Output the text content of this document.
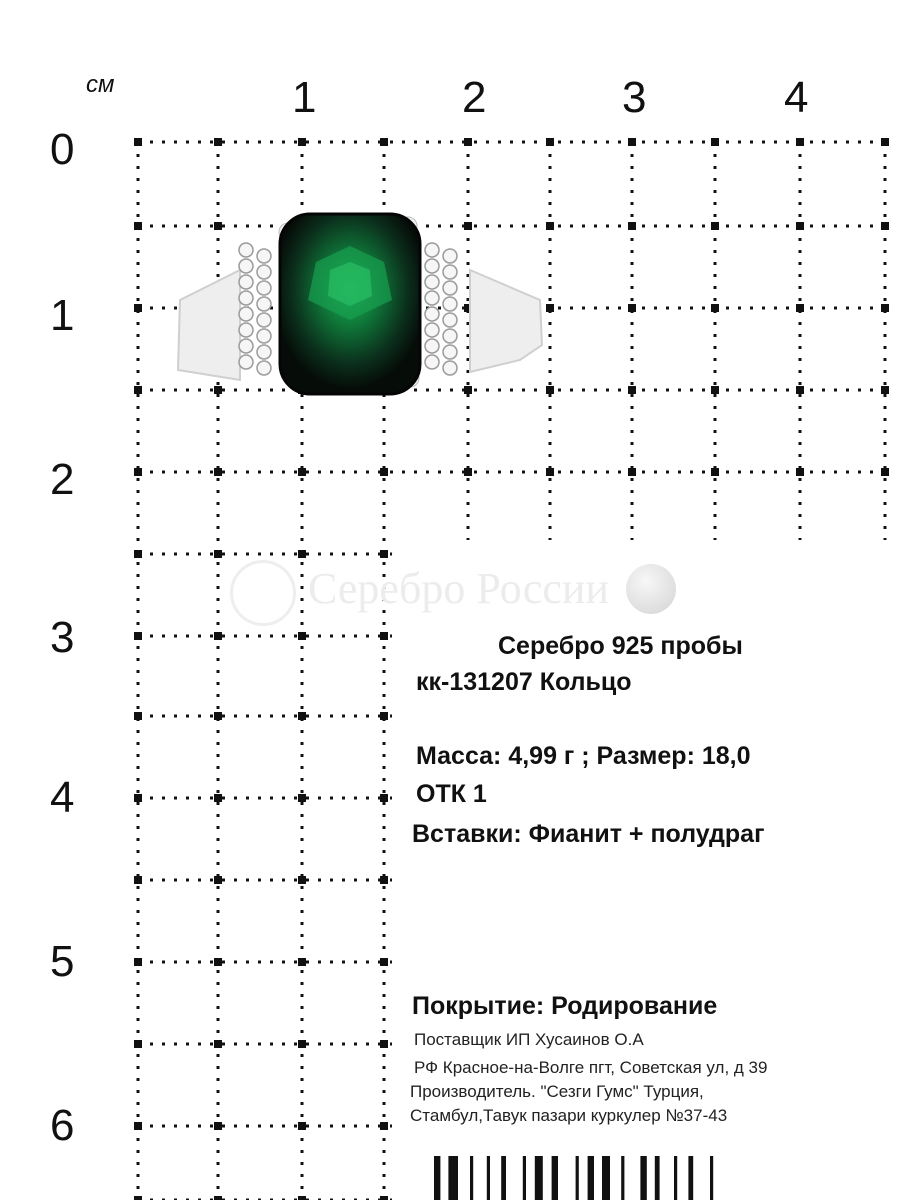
см	1	2	3	4
0
1
2
3
4
5
6
Серебро России
Серебро 925 пробы
кк-131207 Кольцо
Масса: 4,99 г ; Размер: 18,0
ОТК 1
Вставки: Фианит + полудраг
Покрытие: Родирование
Поставщик ИП Хусаинов О.А
РФ Красное-на-Волге пгт, Советская ул, д 39
Производитель. "Сезги Гумс" Турция,
Стамбул,Тавук пазари куркулер №37-43
